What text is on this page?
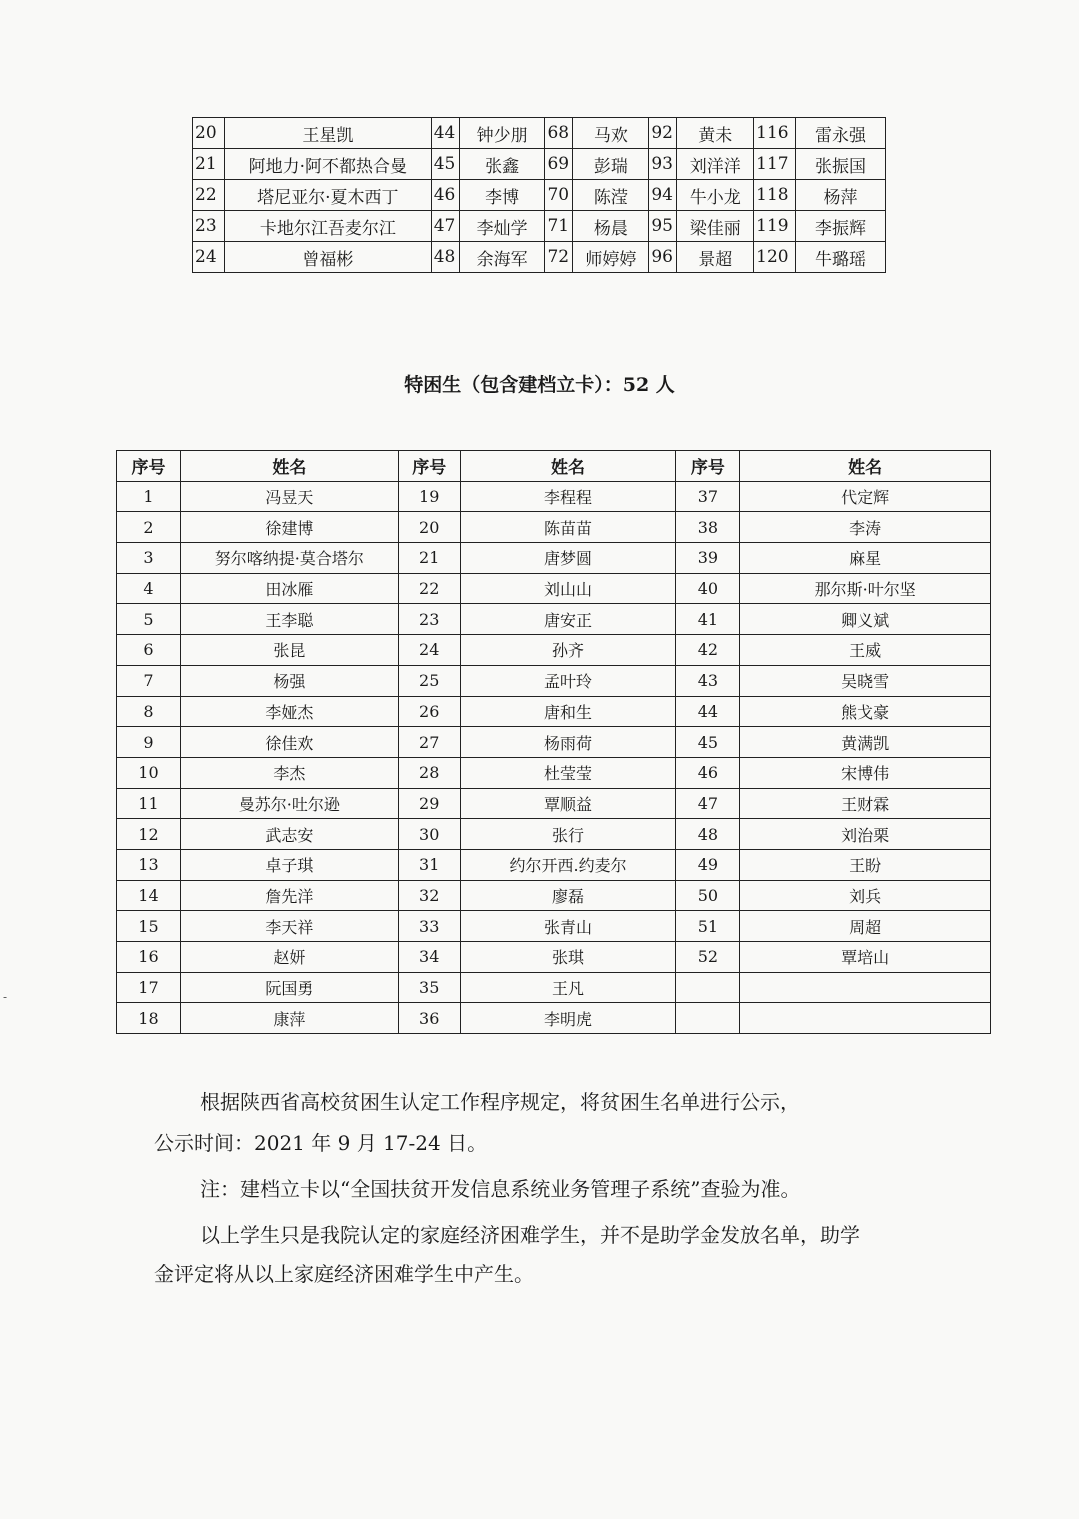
20	王星凯	44	钟少朋	68	马欢	92	黄未	116	雷永强
21	阿地力·阿不都热合曼	45	张鑫	69	彭瑞	93	刘洋洋	117	张振国
22	塔尼亚尔·夏木西丁	46	李博	70	陈滢	94	牛小龙	118	杨萍
23	卡地尔江吾麦尔江	47	李灿学	71	杨晨	95	梁佳丽	119	李振辉
24	曾福彬	48	余海军	72	师婷婷	96	景超	120	牛璐瑶
特困生（包含建档立卡）：52 人
序号	姓名	序号	姓名	序号	姓名
1	冯昱天	19	李程程	37	代定辉
2	徐建博	20	陈苗苗	38	李涛
3	努尔喀纳提·莫合塔尔	21	唐梦圆	39	麻星
4	田冰雁	22	刘山山	40	那尔斯·叶尔坚
5	王李聪	23	唐安正	41	卿义斌
6	张昆	24	孙齐	42	王威
7	杨强	25	孟叶玲	43	吴晓雪
8	李娅杰	26	唐和生	44	熊戈豪
9	徐佳欢	27	杨雨荷	45	黄满凯
10	李杰	28	杜莹莹	46	宋博伟
11	曼苏尔·吐尔逊	29	覃顺益	47	王财霖
12	武志安	30	张行	48	刘治栗
13	卓子琪	31	约尔开西.约麦尔	49	王盼
14	詹先洋	32	廖磊	50	刘兵
15	李天祥	33	张青山	51	周超
16	赵妍	34	张琪	52	覃培山
17	阮国勇	35	王凡		
18	康萍	36	李明虎		

根据陕西省高校贫困生认定工作程序规定，将贫困生名单进行公示，

公示时间：2021 年 9 月 17-24 日。

注：建档立卡以“全国扶贫开发信息系统业务管理子系统”查验为准。

以上学生只是我院认定的家庭经济困难学生，并不是助学金发放名单，助学

金评定将从以上家庭经济困难学生中产生。

-
